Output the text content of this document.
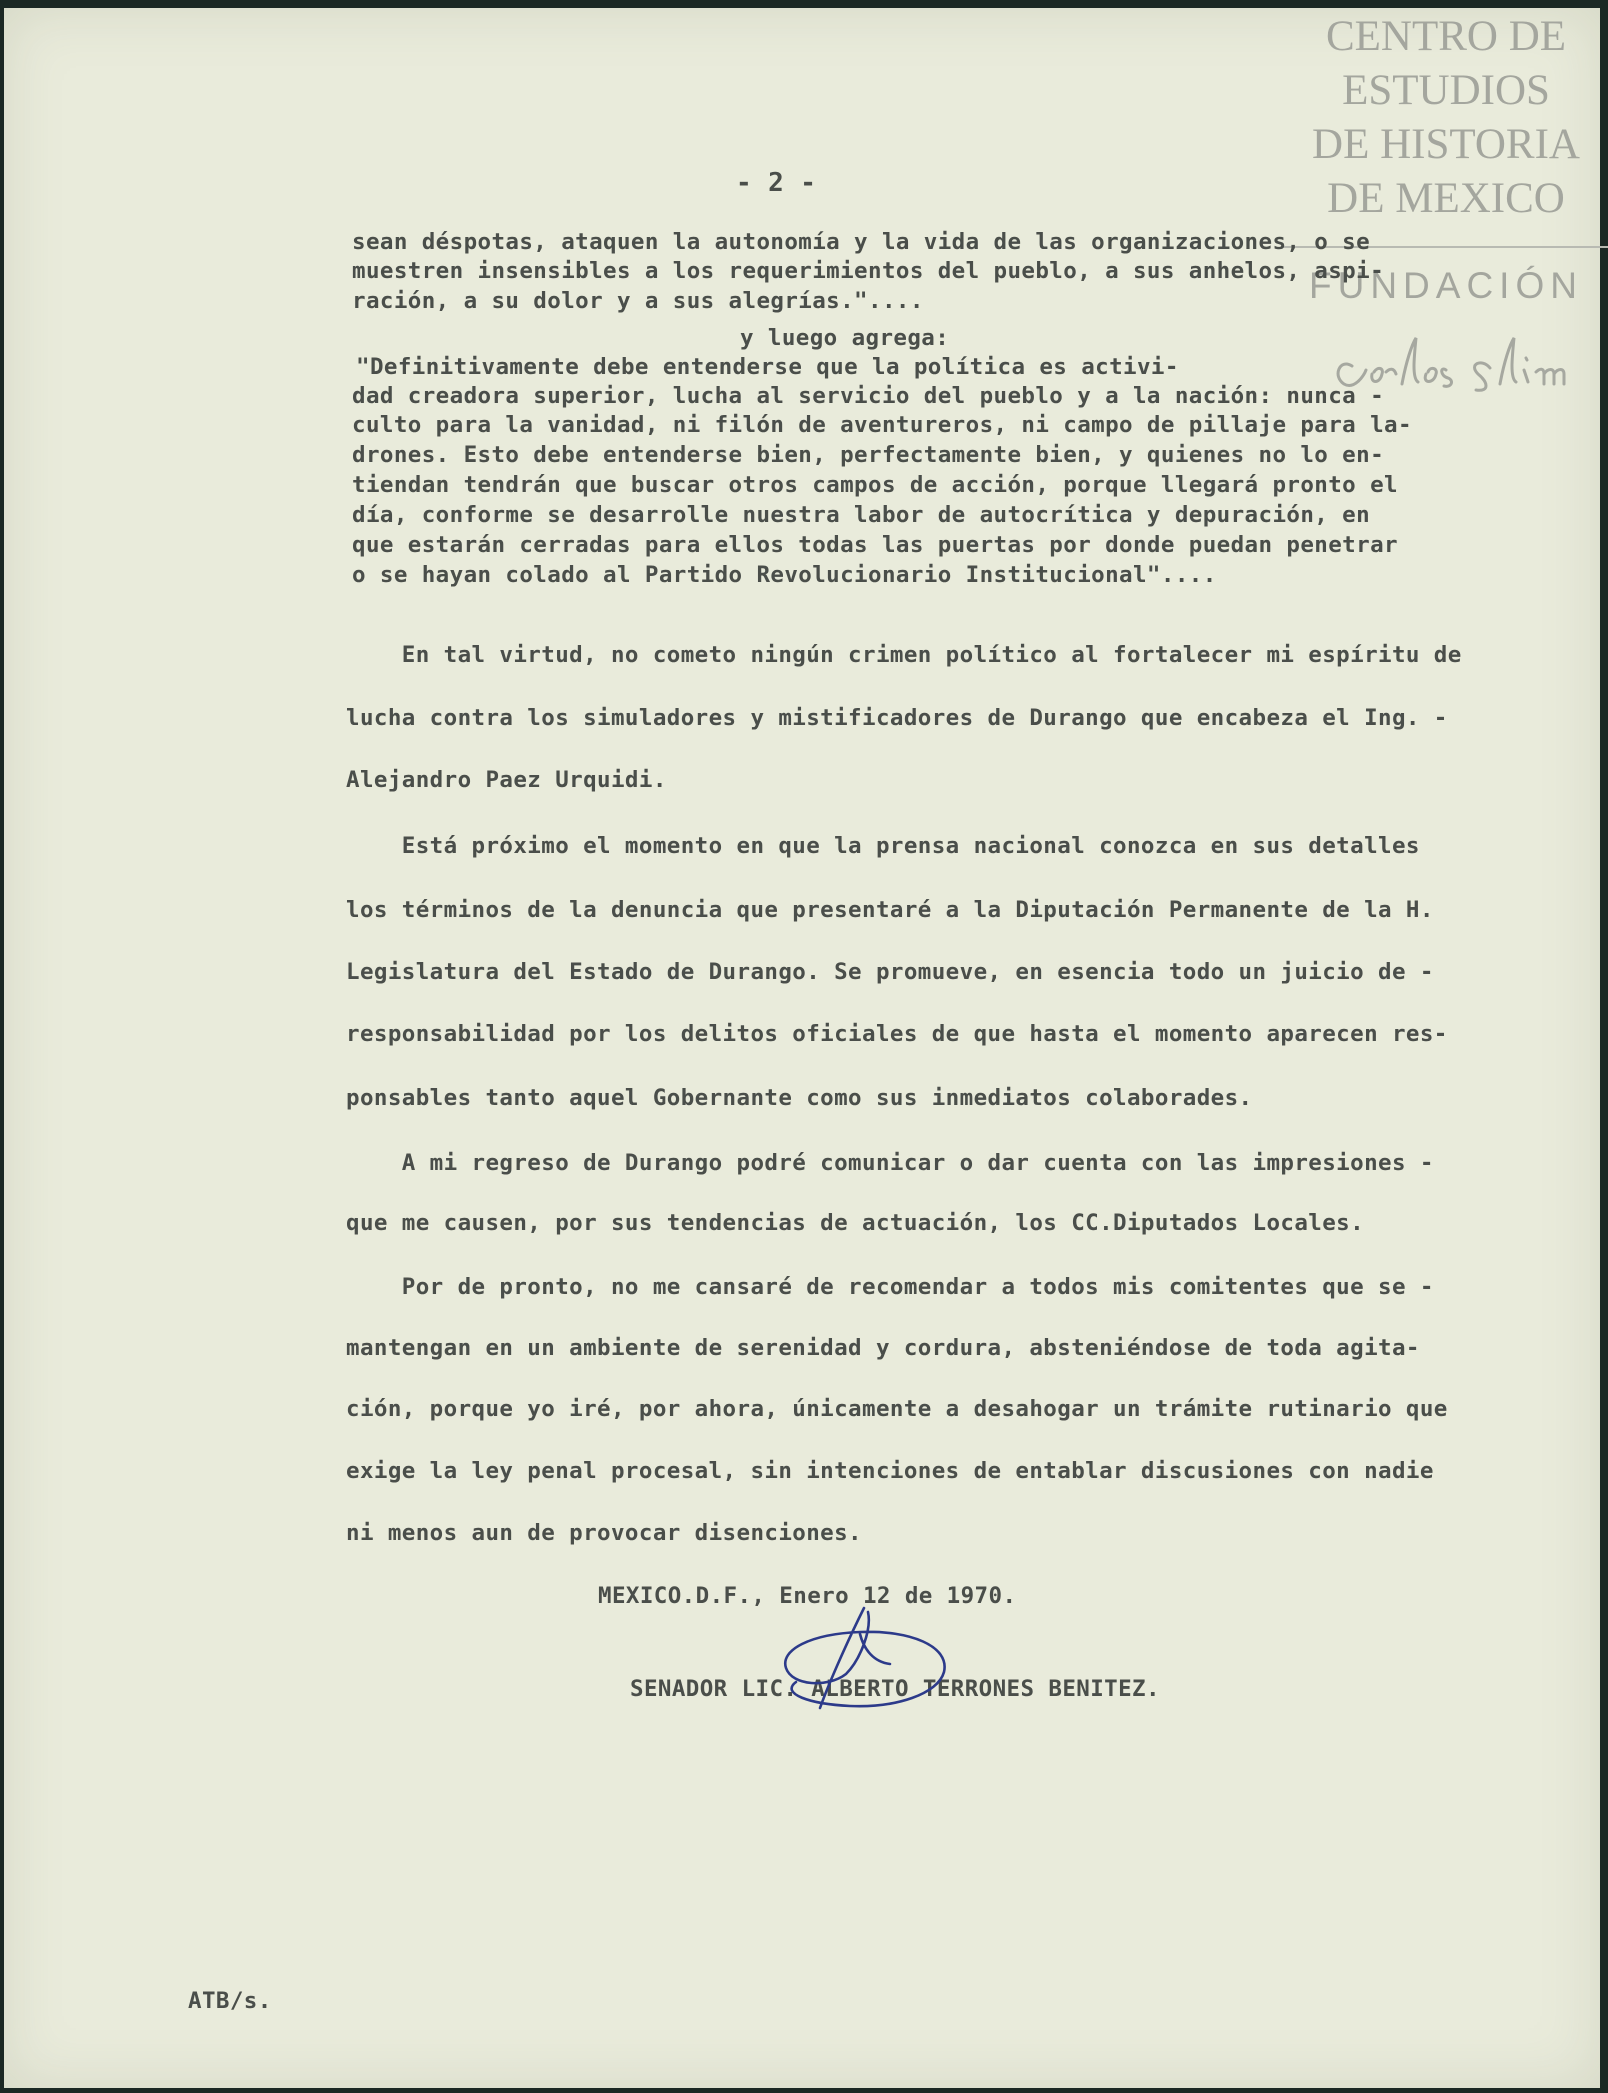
CENTRO DE
ESTUDIOS
DE HISTORIA
DE MEXICO
FUNDACIÓN
- 2 -
sean déspotas, ataquen la autonomía y la vida de las organizaciones, o se
muestren insensibles a los requerimientos del pueblo, a sus anhelos, aspi-
ración, a su dolor y a sus alegrías."....
y luego agrega:
"Definitivamente debe entenderse que la política es activi-
dad creadora superior, lucha al servicio del pueblo y a la nación: nunca -
culto para la vanidad, ni filón de aventureros, ni campo de pillaje para la-
drones. Esto debe entenderse bien, perfectamente bien, y quienes no lo en-
tiendan tendrán que buscar otros campos de acción, porque llegará pronto el
día, conforme se desarrolle nuestra labor de autocrítica y depuración, en
que estarán cerradas para ellos todas las puertas por donde puedan penetrar
o se hayan colado al Partido Revolucionario Institucional"....
En tal virtud, no cometo ningún crimen político al fortalecer mi espíritu de
lucha contra los simuladores y mistificadores de Durango que encabeza el Ing. -
Alejandro Paez Urquidi.
Está próximo el momento en que la prensa nacional conozca en sus detalles
los términos de la denuncia que presentaré a la Diputación Permanente de la H.
Legislatura del Estado de Durango. Se promueve, en esencia todo un juicio de -
responsabilidad por los delitos oficiales de que hasta el momento aparecen res-
ponsables tanto aquel Gobernante como sus inmediatos colaborades.
A mi regreso de Durango podré comunicar o dar cuenta con las impresiones -
que me causen, por sus tendencias de actuación, los CC.Diputados Locales.
Por de pronto, no me cansaré de recomendar a todos mis comitentes que se -
mantengan en un ambiente de serenidad y cordura, absteniéndose de toda agita-
ción, porque yo iré, por ahora, únicamente a desahogar un trámite rutinario que
exige la ley penal procesal, sin intenciones de entablar discusiones con nadie
ni menos aun de provocar disenciones.
MEXICO.D.F., Enero 12 de 1970.
SENADOR LIC. ALBERTO TERRONES BENITEZ.
ATB/s.
